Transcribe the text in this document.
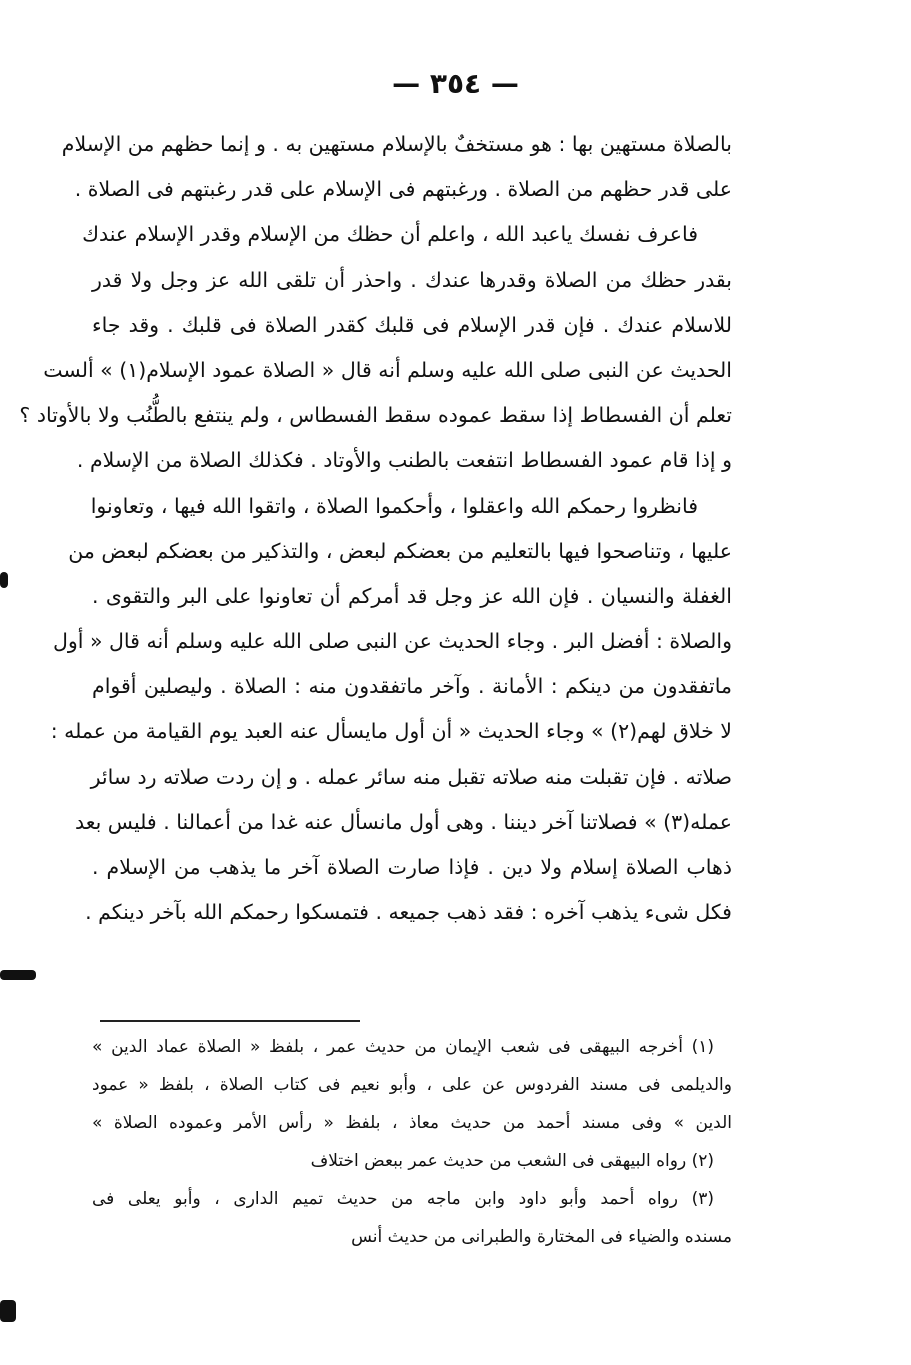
— ٣٥٤ —
بالصلاة مستهين بها : هو مستخفٌ بالإسلام مستهين به . و إنما حظهم من الإسلام
على قدر حظهم من الصلاة . ورغبتهم فى الإسلام على قدر رغبتهم فى الصلاة .
فاعرف نفسك ياعبد الله ، واعلم أن حظك من الإسلام وقدر الإسلام عندك
بقدر حظك من الصلاة وقدرها عندك . واحذر أن تلقى الله عز وجل ولا قدر
للاسلام عندك . فإن قدر الإسلام فى قلبك كقدر الصلاة فى قلبك . وقد جاء
الحديث عن النبى صلى الله عليه وسلم أنه قال « الصلاة عمود الإسلام(١) » ألست
تعلم أن الفسطاط إذا سقط عموده سقط الفسطاس ، ولم ينتفع بالطُّنُب ولا بالأوتاد ؟
و إذا قام عمود الفسطاط انتفعت بالطنب والأوتاد . فكذلك الصلاة من الإسلام .
فانظروا رحمكم الله واعقلوا ، وأحكموا الصلاة ، واتقوا الله فيها ، وتعاونوا
عليها ، وتناصحوا فيها بالتعليم من بعضكم لبعض ، والتذكير من بعضكم لبعض من
الغفلة والنسيان . فإن الله عز وجل قد أمركم أن تعاونوا على البر والتقوى .
والصلاة : أفضل البر . وجاء الحديث عن النبى صلى الله عليه وسلم أنه قال « أول
ماتفقدون من دينكم : الأمانة . وآخر ماتفقدون منه : الصلاة . وليصلين أقوام
لا خلاق لهم(٢) » وجاء الحديث « أن أول مايسأل عنه العبد يوم القيامة من عمله :
صلاته . فإن تقبلت منه صلاته تقبل منه سائر عمله . و إن ردت صلاته رد سائر
عمله(٣) » فصلاتنا آخر ديننا . وهى أول مانسأل عنه غدا من أعمالنا . فليس بعد
ذهاب الصلاة إسلام ولا دين . فإذا صارت الصلاة آخر ما يذهب من الإسلام .
فكل شىء يذهب آخره : فقد ذهب جميعه . فتمسكوا رحمكم الله بآخر دينكم .
(١) أخرجه البيهقى فى شعب الإيمان من حديث عمر ، بلفظ « الصلاة عماد الدين »
والديلمى فى مسند الفردوس عن على ، وأبو نعيم فى كتاب الصلاة ، بلفظ « عمود
الدين » وفى مسند أحمد من حديث معاذ ، بلفظ « رأس الأمر وعموده الصلاة »
(٢) رواه البيهقى فى الشعب من حديث عمر ببعض اختلاف
(٣) رواه أحمد وأبو داود وابن ماجه من حديث تميم الدارى ، وأبو يعلى فى
مسنده والضياء فى المختارة والطبرانى من حديث أنس
